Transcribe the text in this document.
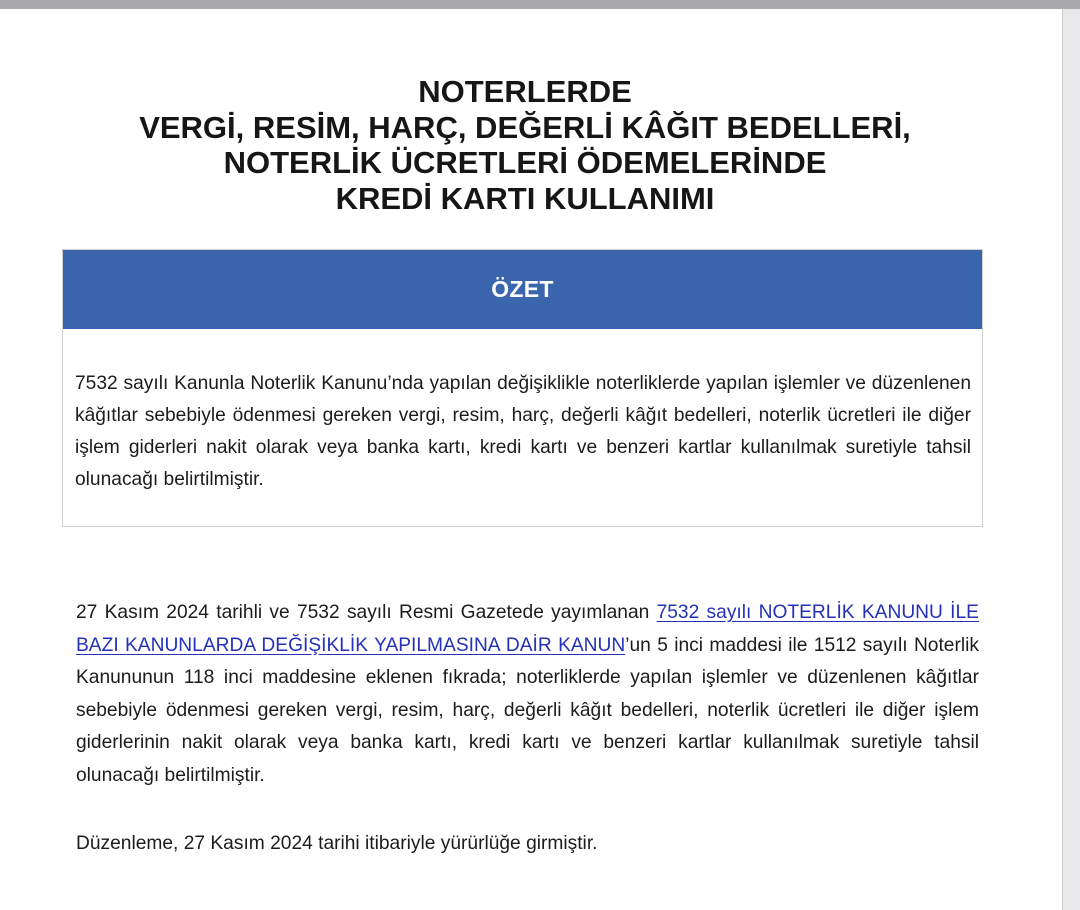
NOTERLERDE
VERGİ, RESİM, HARÇ, DEĞERLİ KÂĞIT BEDELLERİ,
NOTERLİK ÜCRETLERİ ÖDEMELERİNDE
KREDİ KARTI KULLANIMI
ÖZET
7532 sayılı Kanunla Noterlik Kanunu’nda yapılan değişiklikle noterliklerde yapılan işlemler ve düzenlenen kâğıtlar sebebiyle ödenmesi gereken vergi, resim, harç, değerli kâğıt bedelleri, noterlik ücretleri ile diğer işlem giderleri nakit olarak veya banka kartı, kredi kartı ve benzeri kartlar kullanılmak suretiyle tahsil olunacağı belirtilmiştir.

27 Kasım 2024 tarihli ve 7532 sayılı Resmi Gazetede yayımlanan 7532 sayılı NOTERLİK KANUNU İLE BAZI KANUNLARDA DEĞİŞİKLİK YAPILMASINA DAİR KANUN’un 5 inci maddesi ile 1512 sayılı Noterlik Kanununun 118 inci maddesine eklenen fıkrada; noterliklerde yapılan işlemler ve düzenlenen kâğıtlar sebebiyle ödenmesi gereken vergi, resim, harç, değerli kâğıt bedelleri, noterlik ücretleri ile diğer işlem giderlerinin nakit olarak veya banka kartı, kredi kartı ve benzeri kartlar kullanılmak suretiyle tahsil olunacağı belirtilmiştir.

Düzenleme, 27 Kasım 2024 tarihi itibariyle yürürlüğe girmiştir.
